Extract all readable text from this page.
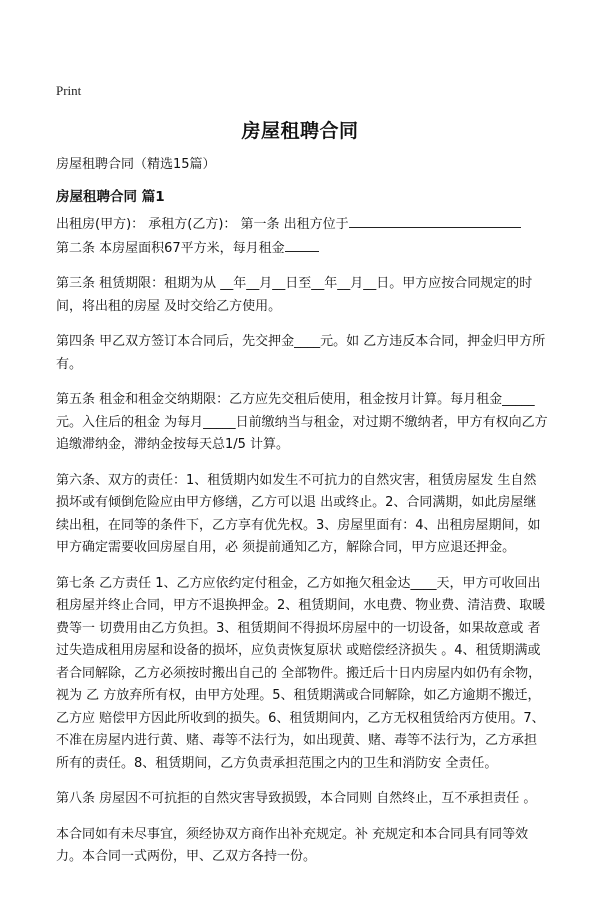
Print
房屋租聘合同
房屋租聘合同（精选15篇）
房屋租聘合同 篇1

出租房(甲方)： 承租方(乙方)： 第一条 出租方位于
第二条 本房屋面积67平方米，每月租金

第三条 租赁期限：租期为从 __年__月__日至__年__月__日。甲方应按合同规定的时间，将出租的房屋 及时交给乙方使用。

第四条 甲乙双方签订本合同后，先交押金____元。如 乙方违反本合同，押金归甲方所有。

第五条 租金和租金交纳期限：乙方应先交租后使用，租金按月计算。每月租金_____元。入住后的租金 为每月_____日前缴纳当与租金，对过期不缴纳者，甲方有权向乙方追缴滞纳金，滞纳金按每天总1/5 计算。

第六条、双方的责任：1、租赁期内如发生不可抗力的自然灾害，租赁房屋发 生自然损坏或有倾倒危险应由甲方修缮，乙方可以退 出或终止。2、合同满期，如此房屋继续出租，在同等的条件下，乙方享有优先权。3、房屋里面有：4、出租房屋期间，如甲方确定需要收回房屋自用，必 须提前通知乙方，解除合同，甲方应退还押金。

第七条 乙方责任 1、乙方应依约定付租金，乙方如拖欠租金达____天，甲方可收回出租房屋并终止合同，甲方不退换押金。2、租赁期间，水电费、物业费、清洁费、取暖费等一 切费用由乙方负担。3、租赁期间不得损坏房屋中的一切设备，如果故意或 者过失造成租用房屋和设备的损坏，应负责恢复原状 或赔偿经济损失 。4、租赁期满或者合同解除，乙方必须按时搬出自己的 全部物件。搬迁后十日内房屋内如仍有余物，视为 乙 方放弃所有权，由甲方处理。5、租赁期满或合同解除，如乙方逾期不搬迁，乙方应 赔偿甲方因此所收到的损失。6、租赁期间内，乙方无权租赁给丙方使用。7、不准在房屋内进行黄、赌、毒等不法行为，如出现黄、赌、毒等不法行为，乙方承担所有的责任。8、租赁期间，乙方负责承担范围之内的卫生和消防安 全责任。

第八条 房屋因不可抗拒的自然灾害导致损毁，本合同则 自然终止，互不承担责任 。

本合同如有未尽事宜，须经协双方商作出补充规定。补 充规定和本合同具有同等效力。本合同一式两份，甲、乙双方各持一份。
